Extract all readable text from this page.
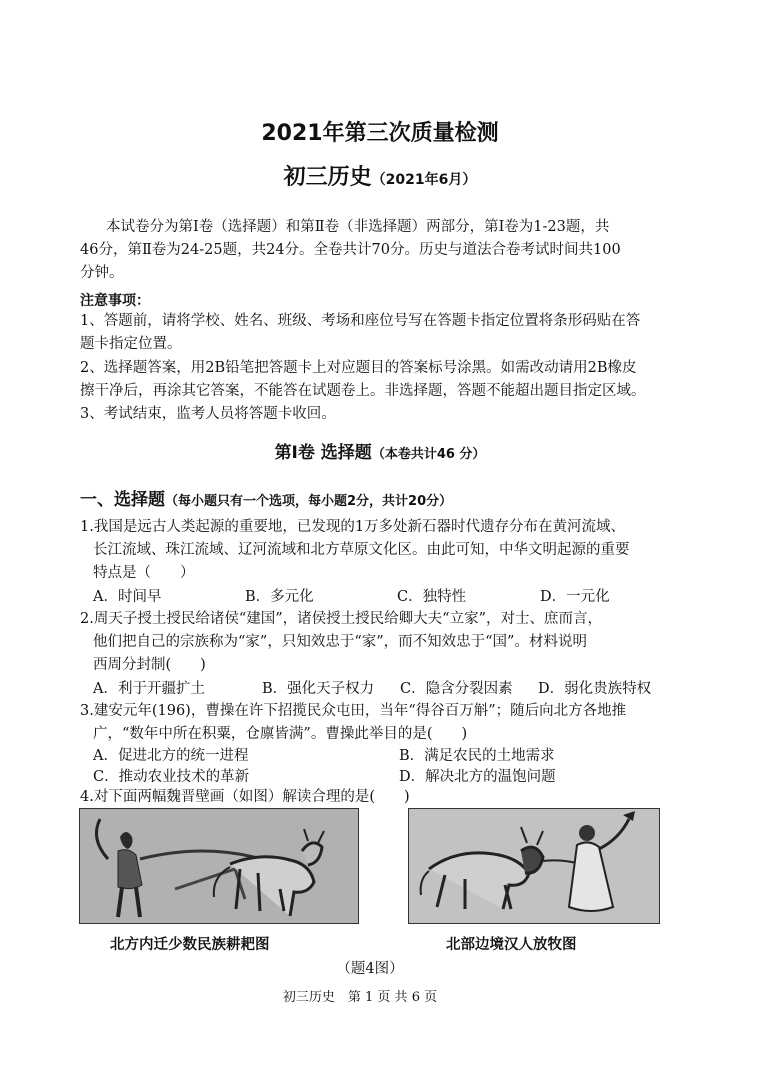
2021年第三次质量检测
初三历史（2021年6月）
本试卷分为第Ⅰ卷（选择题）和第Ⅱ卷（非选择题）两部分，第Ⅰ卷为1-23题，共
46分，第Ⅱ卷为24-25题，共24分。全卷共计70分。历史与道法合卷考试时间共100
分钟。
注意事项：
1、答题前，请将学校、姓名、班级、考场和座位号写在答题卡指定位置将条形码贴在答
题卡指定位置。
2、选择题答案，用2B铅笔把答题卡上对应题目的答案标号涂黑。如需改动请用2B橡皮
擦干净后，再涂其它答案，不能答在试题卷上。非选择题，答题不能超出题目指定区域。
3、考试结束，监考人员将答题卡收回。
第Ⅰ卷 选择题（本卷共计46 分）
一、选择题（每小题只有一个选项，每小题2分，共计20分）
1.我国是远古人类起源的重要地，已发现的1万多处新石器时代遗存分布在黄河流域、
长江流域、珠江流域、辽河流域和北方草原文化区。由此可知，中华文明起源的重要
特点是（　　）
A．时间早	B．多元化	C．独特性	D．一元化
2.周天子授土授民给诸侯“建国”，诸侯授土授民给卿大夫“立家”，对士、庶而言，
他们把自己的宗族称为“家”，只知效忠于“家”，而不知效忠于“国”。材料说明
西周分封制(　　)
A．利于开疆扩土	B．强化天子权力 C．隐含分裂因素 D．弱化贵族特权
3.建安元年(196)，曹操在许下招揽民众屯田，当年“得谷百万斛”；随后向北方各地推
广，“数年中所在积粟，仓廪皆满”。曹操此举目的是(　　)
A．促进北方的统一进程	B．满足农民的土地需求
C．推动农业技术的革新	D．解决北方的温饱问题
4.对下面两幅魏晋壁画（如图）解读合理的是(　　)
北方内迁少数民族耕耙图	北部边境汉人放牧图
（题4图）
初三历史　第 1 页 共 6 页
